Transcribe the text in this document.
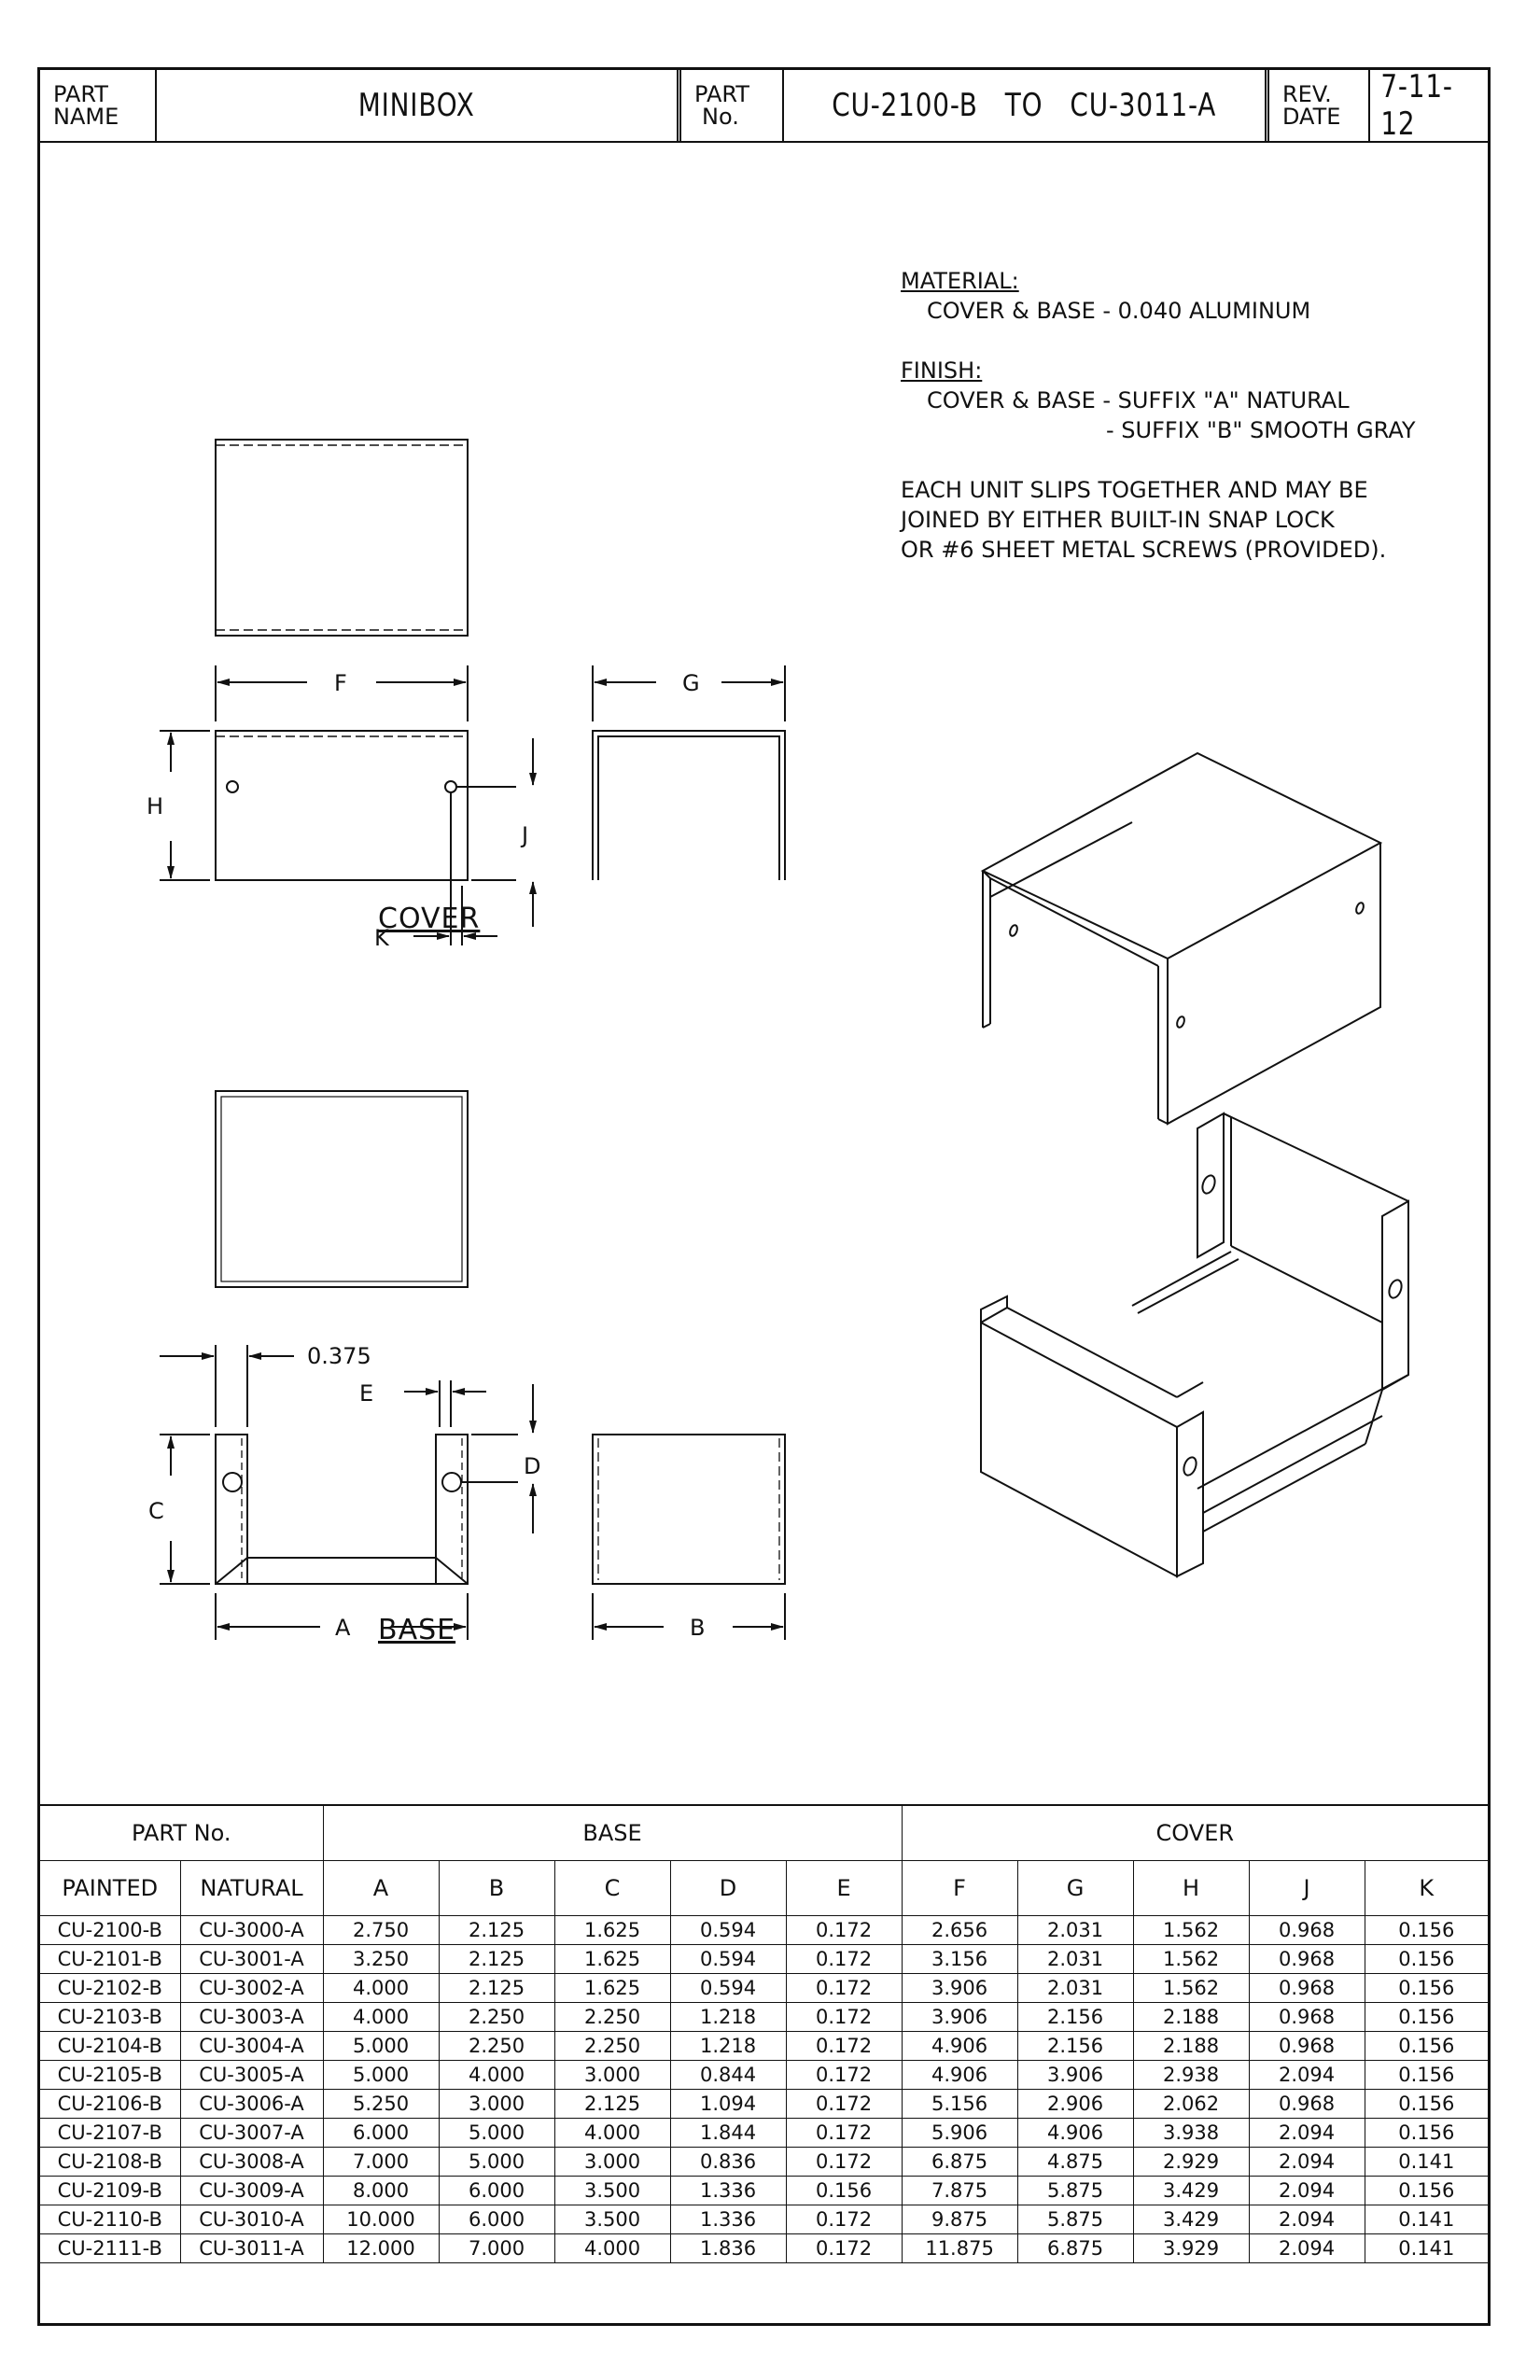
PART
NAME	MINIBOX	PART
No.	CU-2100-B TO CU-3011-A	REV.
DATE
7-11-12

MATERIAL:
COVER & BASE - 0.040 ALUMINUM

FINISH:
COVER & BASE - SUFFIX "A" NATURAL
- SUFFIX "B" SMOOTH GRAY

EACH UNIT SLIPS TOGETHER AND MAY BE
JOINED BY EITHER BUILT-IN SNAP LOCK
OR #6 SHEET METAL SCREWS (PROVIDED).

F
H
J
K
G
0.375
E
C
D
A	B
COVER
BASE
PART No.		BASE					COVER				
PAINTED	NATURAL	A	B	C	D	E	F	G	H	J	K
CU-2100-B	CU-3000-A	2.750	2.125	1.625	0.594	0.172	2.656	2.031	1.562	0.968	0.156
CU-2101-B	CU-3001-A	3.250	2.125	1.625	0.594	0.172	3.156	2.031	1.562	0.968	0.156
CU-2102-B	CU-3002-A	4.000	2.125	1.625	0.594	0.172	3.906	2.031	1.562	0.968	0.156
CU-2103-B	CU-3003-A	4.000	2.250	2.250	1.218	0.172	3.906	2.156	2.188	0.968	0.156
CU-2104-B	CU-3004-A	5.000	2.250	2.250	1.218	0.172	4.906	2.156	2.188	0.968	0.156
CU-2105-B	CU-3005-A	5.000	4.000	3.000	0.844	0.172	4.906	3.906	2.938	2.094	0.156
CU-2106-B	CU-3006-A	5.250	3.000	2.125	1.094	0.172	5.156	2.906	2.062	0.968	0.156
CU-2107-B	CU-3007-A	6.000	5.000	4.000	1.844	0.172	5.906	4.906	3.938	2.094	0.156
CU-2108-B	CU-3008-A	7.000	5.000	3.000	0.836	0.172	6.875	4.875	2.929	2.094	0.141
CU-2109-B	CU-3009-A	8.000	6.000	3.500	1.336	0.156	7.875	5.875	3.429	2.094	0.156
CU-2110-B	CU-3010-A	10.000	6.000	3.500	1.336	0.172	9.875	5.875	3.429	2.094	0.141
CU-2111-B	CU-3011-A	12.000	7.000	4.000	1.836	0.172	11.875	6.875	3.929	2.094	0.141
